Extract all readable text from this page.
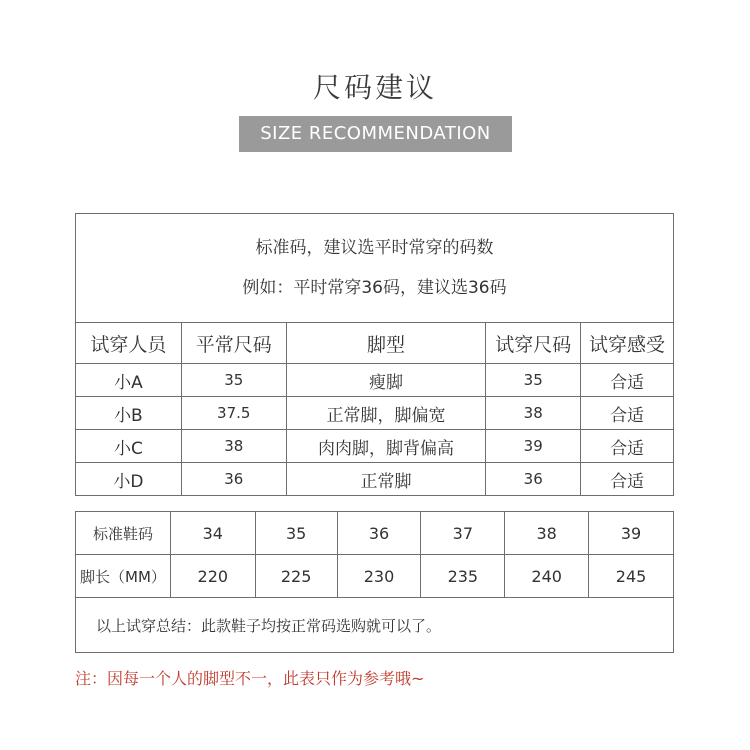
尺码建议
SIZE RECOMMENDATION
标准码，建议选平时常穿的码数
例如：平时常穿36码，建议选36码				

试穿人员	平常尺码	脚型	试穿尺码	试穿感受
小A	35	瘦脚	35	合适
小B	37.5	正常脚，脚偏宽	38	合适
小C	38	肉肉脚，脚背偏高	39	合适
小D	36	正常脚	36	合适
标准鞋码	34	35	36	37	38	39
脚长（MM）	220	225	230	235	240	245
以上试穿总结：此款鞋子均按正常码选购就可以了。						
注：因每一个人的脚型不一，此表只作为参考哦~
